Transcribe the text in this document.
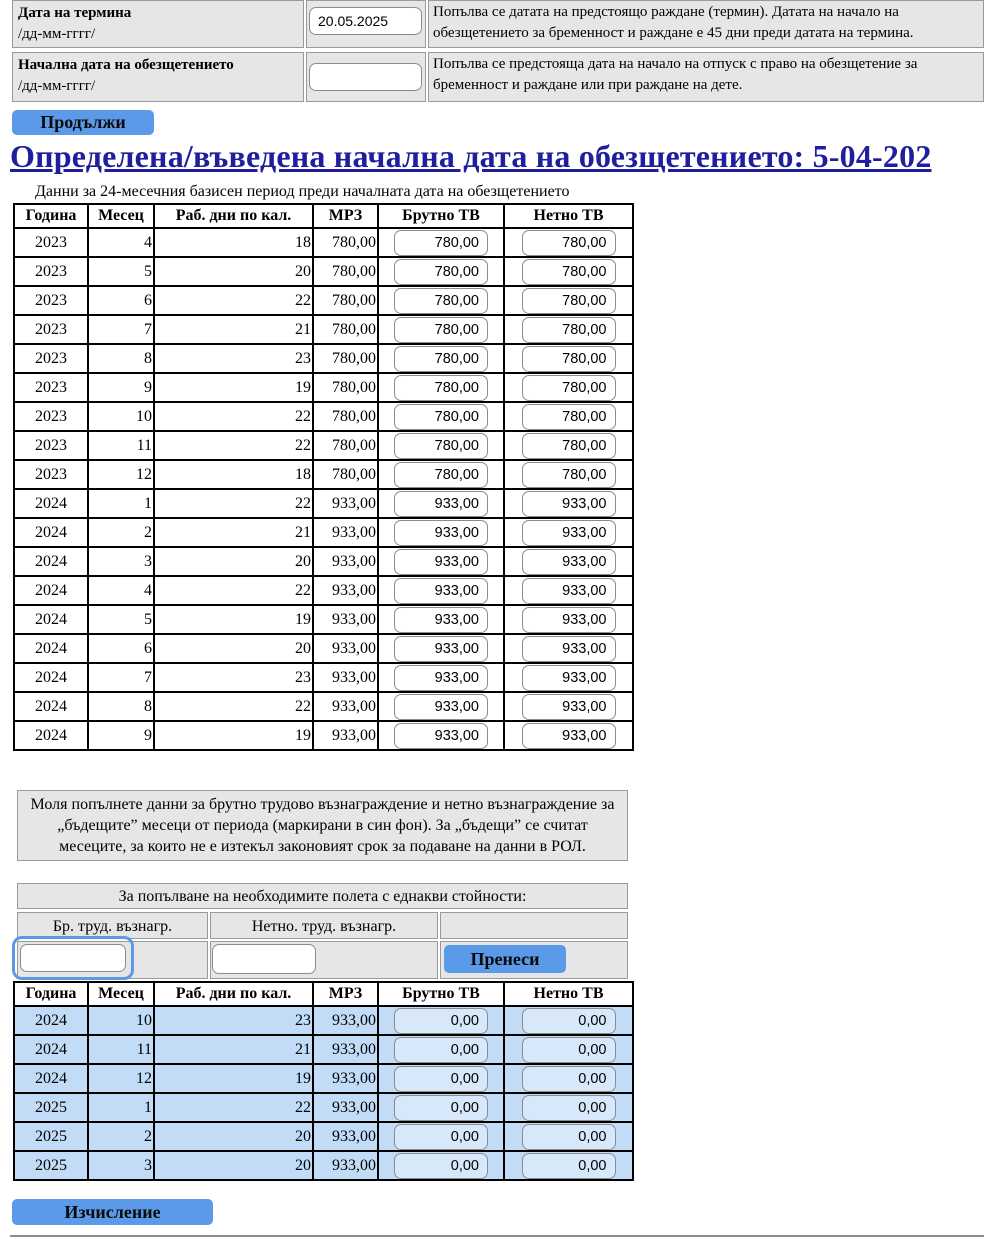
Дата на термина
/дд-мм-гггг/
20.05.2025
Попълва се датата на предстоящо раждане (термин). Датата на начало на обезщетението за бременност и раждане е 45 дни преди датата на термина.
Начална дата на обезщетението
/дд-мм-гггг/
Попълва се предстояща дата на начало на отпуск с право на обезщетение за бременност и раждане или при раждане на дете.
Продължи
Определена/въведена начална дата на обезщетението: 5-04-202
Данни за 24-месечния базисен период преди началната дата на обезщетението
Година	Месец	Раб. дни по кал.	МРЗ	Брутно ТВ	Нетно ТВ
2023	4	18	780,00	780,00	780,00

2023	5	20	780,00	780,00	780,00

2023	6	22	780,00	780,00	780,00

2023	7	21	780,00	780,00	780,00

2023	8	23	780,00	780,00	780,00

2023	9	19	780,00	780,00	780,00

2023	10	22	780,00	780,00	780,00

2023	11	22	780,00	780,00	780,00

2023	12	18	780,00	780,00	780,00

2024	1	22	933,00	933,00	933,00

2024	2	21	933,00	933,00	933,00

2024	3	20	933,00	933,00	933,00

2024	4	22	933,00	933,00	933,00

2024	5	19	933,00	933,00	933,00

2024	6	20	933,00	933,00	933,00

2024	7	23	933,00	933,00	933,00

2024	8	22	933,00	933,00	933,00

2024	9	19	933,00	933,00	933,00
Моля попълнете данни за брутно трудово възнаграждение и нетно възнаграждение за „бъдещите” месеци от периода (маркирани в син фон). За „бъдещи” се считат месеците, за които не е изтекъл законовият срок за подаване на данни в РОЛ.
За попълване на необходимите полета с еднакви стойности:
Бр. труд. възнагр.	Нетно. труд. възнагр.
Пренеси
Година	Месец	Раб. дни по кал.	МРЗ	Брутно ТВ	Нетно ТВ
2024	10	23	933,00	0,00	0,00

2024	11	21	933,00	0,00	0,00

2024	12	19	933,00	0,00	0,00

2025	1	22	933,00	0,00	0,00

2025	2	20	933,00	0,00	0,00

2025	3	20	933,00	0,00	0,00
Изчисление
